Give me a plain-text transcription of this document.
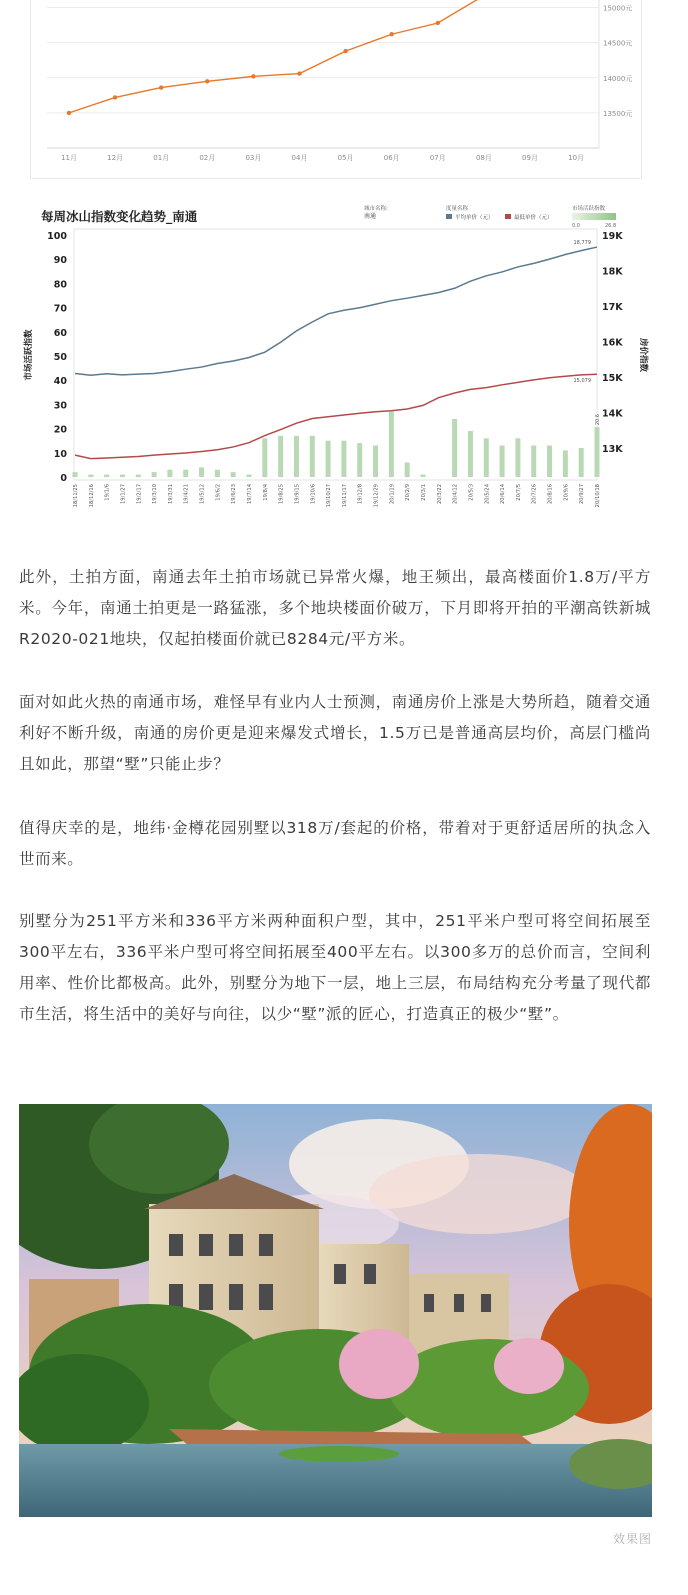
13500元
14000元
14500元
15000元
11月	12月	01月	02月	03月	04月	05月	06月	07月	08月	09月	10月
每周冰山指数变化趋势_南通	城市名称:
南通
度量名称
平均单价（元）	最低单价（元）
市场活跃指数
0.0	26.8
0
10
20
30
40
50
60
70
80
90
100
13K
14K
15K
16K
17K
18K
19K
市场活跃指数	房价指数
18,779
15,079
20.6
18/11/25 18/12/16 19/1/6 19/1/27 19/2/17 19/3/10 19/3/31 19/4/21 19/5/12 19/6/2 19/6/23 19/7/14 19/8/4 19/8/25 19/9/15 19/10/6 19/10/27 19/11/17 19/12/8 19/12/29 20/1/19 20/2/9 20/3/1 20/3/22 20/4/12 20/5/3 20/5/24 20/6/14 20/7/5 20/7/26 20/8/16 20/9/6 20/9/27 20/10/18

此外，土拍方面，南通去年土拍市场就已异常火爆，地王频出，最高楼面价1.8万/平方米。今年，南通土拍更是一路猛涨，多个地块楼面价破万，下月即将开拍的平潮高铁新城R2020-021地块，仅起拍楼面价就已8284元/平方米。

面对如此火热的南通市场，难怪早有业内人士预测，南通房价上涨是大势所趋，随着交通利好不断升级，南通的房价更是迎来爆发式增长，1.5万已是普通高层均价，高层门槛尚且如此，那望“墅”只能止步？

值得庆幸的是，地纬·金樽花园别墅以318万/套起的价格，带着对于更舒适居所的执念入世而来。

别墅分为251平方米和336平方米两种面积户型，其中，251平米户型可将空间拓展至300平左右，336平米户型可将空间拓展至400平左右。以300多万的总价而言，空间利用率、性价比都极高。此外，别墅分为地下一层，地上三层，布局结构充分考量了现代都市生活，将生活中的美好与向往，以少“墅”派的匠心，打造真正的极少“墅”。

效果图
